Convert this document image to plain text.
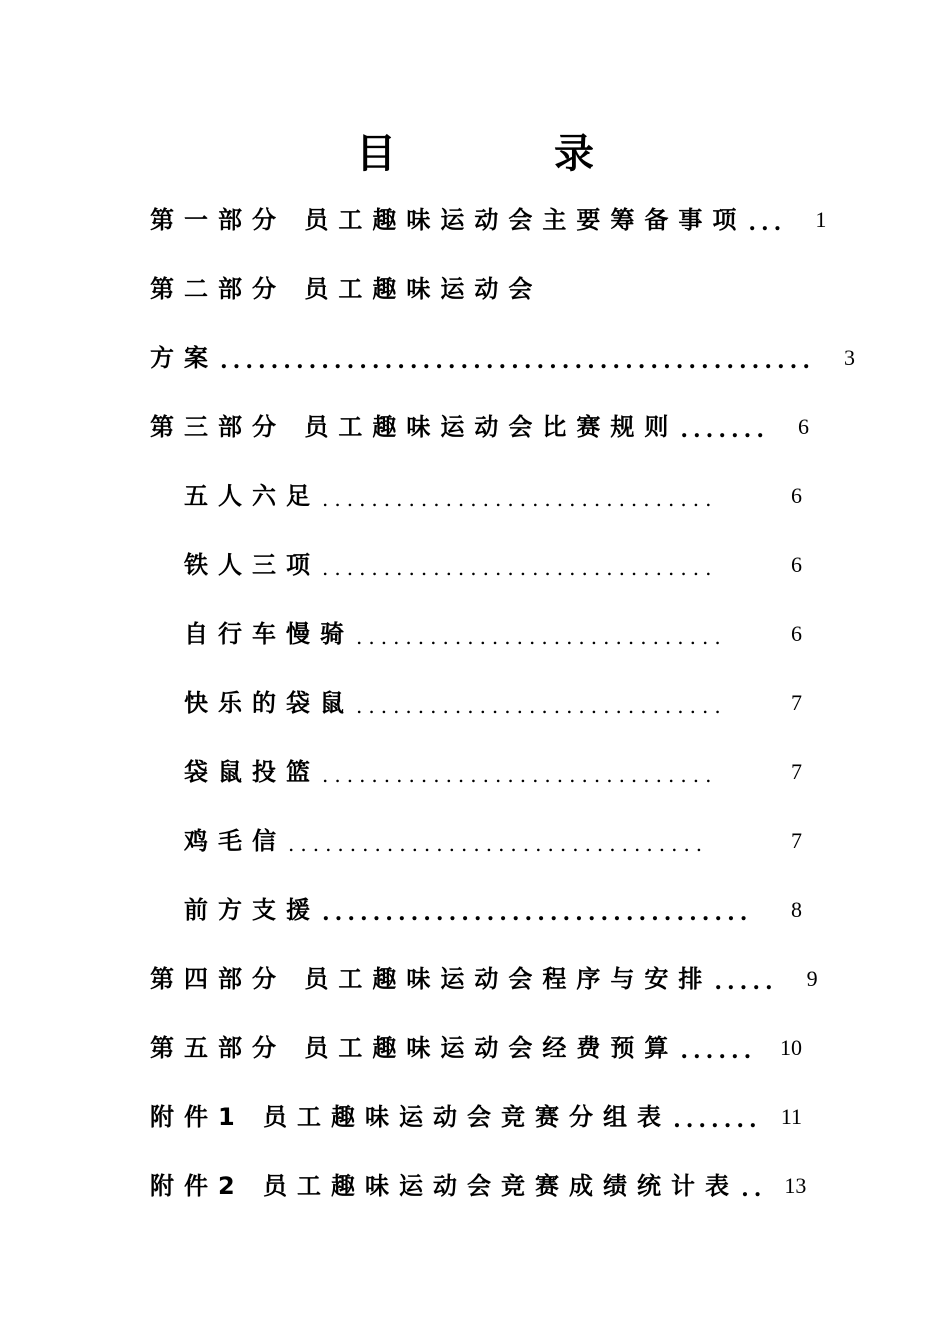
目 录
第一部分 员工趣味运动会主要筹备事项 ...	1
第二部分 员工趣味运动会
方案 ...............................................	3
第三部分 员工趣味运动会比赛规则 .......	6
五人六足 ................................	6
铁人三项 ................................	6
自行车慢骑 ..............................	6
快乐的袋鼠 ..............................	7
袋鼠投篮 ................................	7
鸡毛信 ..................................	7
前方支援 ..................................	8
第四部分 员工趣味运动会程序与安排 .....	9
第五部分 员工趣味运动会经费预算 ......	10
附件1 员工趣味运动会竞赛分组表 ....... 11
附件2 员工趣味运动会竞赛成绩统计表 .. 13
